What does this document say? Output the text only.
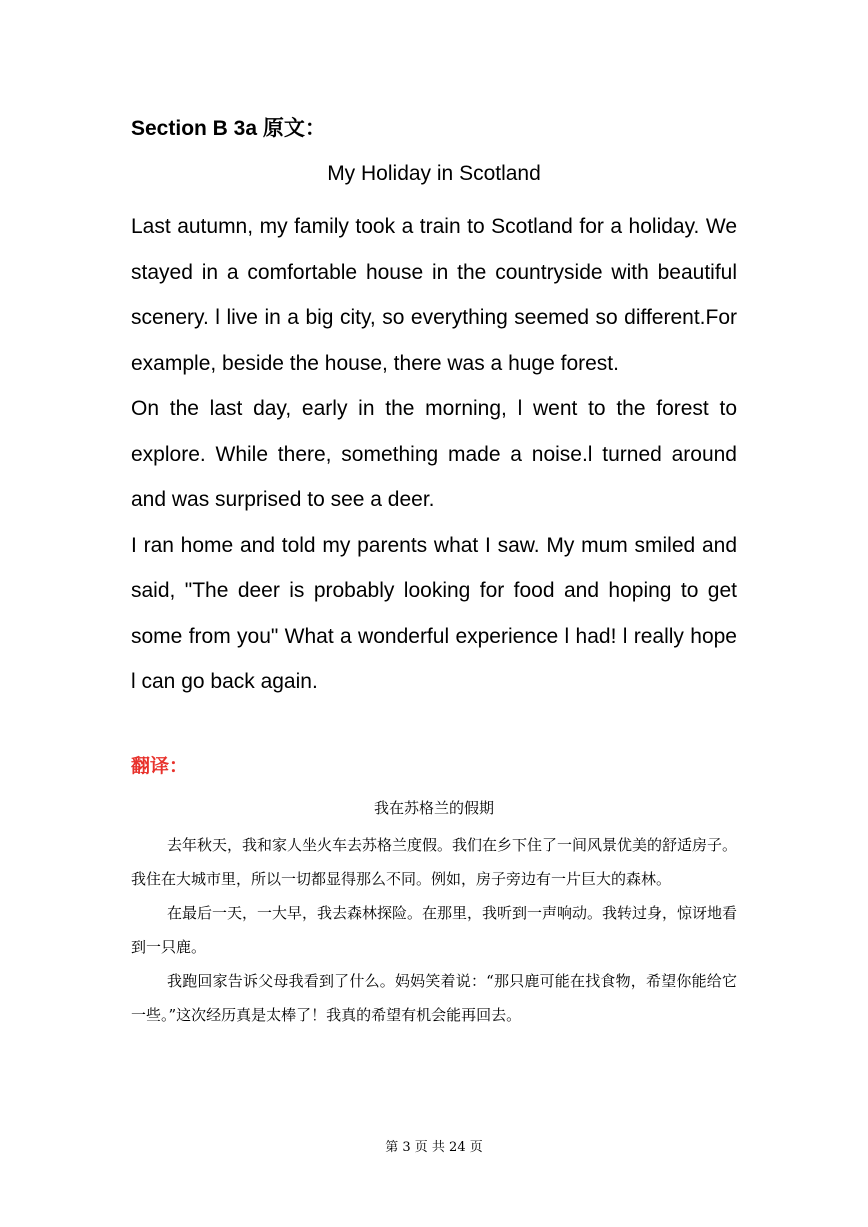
Section B 3a 原文：
My Holiday in Scotland

Last autumn, my family took a train to Scotland for a holiday. We stayed in a comfortable house in the countryside with beautiful scenery. l live in a big city, so everything seemed so different.For example, beside the house, there was a huge forest.

On the last day, early in the morning, l went to the forest to explore. While there, something made a noise.l turned around and was surprised to see a deer.

I ran home and told my parents what I saw. My mum smiled and said, "The deer is probably looking for food and hoping to get some from you" What a wonderful experience l had! l really hope l can go back again.

翻译：
我在苏格兰的假期

去年秋天，我和家人坐火车去苏格兰度假。我们在乡下住了一间风景优美的舒适房子。我住在大城市里，所以一切都显得那么不同。例如，房子旁边有一片巨大的森林。

在最后一天，一大早，我去森林探险。在那里，我听到一声响动。我转过身，惊讶地看到一只鹿。

我跑回家告诉父母我看到了什么。妈妈笑着说：“那只鹿可能在找食物，希望你能给它一些。”这次经历真是太棒了！我真的希望有机会能再回去。

第 3 页 共 24 页
